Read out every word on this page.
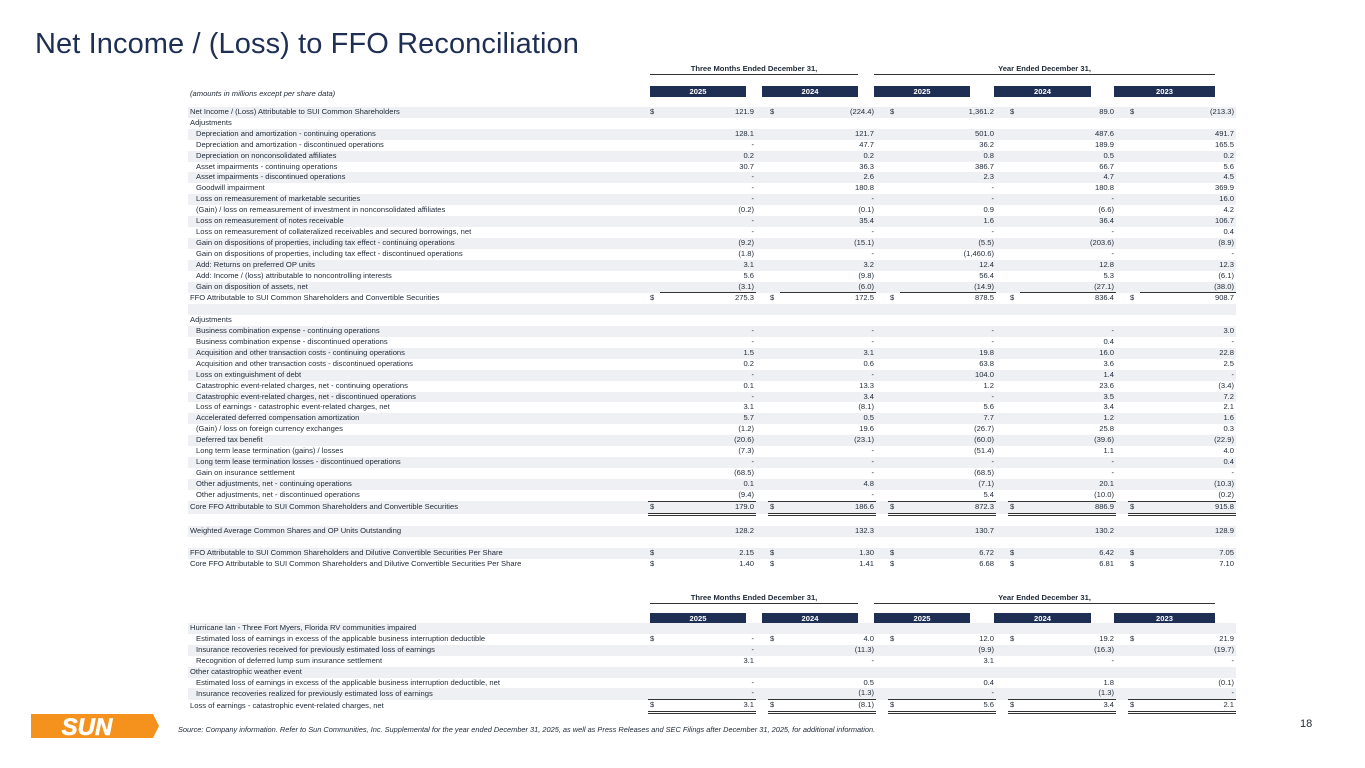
Net Income / (Loss) to FFO Reconciliation
Three Months Ended December 31,	Year Ended December 31,
(amounts in millions except per share data)	2025	2024	2025	2024	2023
Net Income / (Loss) Attributable to SUI Common Shareholders	$	121.9		$	(224.4)		$	1,361.2		$	89.0		$	(213.3)
Adjustments														
Depreciation and amortization - continuing operations		128.1			121.7			501.0			487.6			491.7
Depreciation and amortization - discontinued operations		-			47.7			36.2			189.9			165.5
Depreciation on nonconsolidated affiliates		0.2			0.2			0.8			0.5			0.2
Asset impairments - continuing operations		30.7			36.3			386.7			66.7			5.6
Asset impairments - discontinued operations		-			2.6			2.3			4.7			4.5
Goodwill impairment		-			180.8			-			180.8			369.9
Loss on remeasurement of marketable securities		-			-			-			-			16.0
(Gain) / loss on remeasurement of investment in nonconsolidated affiliates		(0.2)			(0.1)			0.9			(6.6)			4.2
Loss on remeasurement of notes receivable		-			35.4			1.6			36.4			106.7
Loss on remeasurement of collateralized receivables and secured borrowings, net		-			-			-			-			0.4
Gain on dispositions of properties, including tax effect - continuing operations		(9.2)			(15.1)			(5.5)			(203.6)			(8.9)
Gain on dispositions of properties, including tax effect - discontinued operations		(1.8)			-			(1,460.6)			-			-
Add: Returns on preferred OP units		3.1			3.2			12.4			12.8			12.3
Add: Income / (loss) attributable to noncontrolling interests		5.6			(9.8)			56.4			5.3			(6.1)
Gain on disposition of assets, net		(3.1)			(6.0)			(14.9)			(27.1)			(38.0)
FFO Attributable to SUI Common Shareholders and Convertible Securities	$	275.3		$	172.5		$	878.5		$	836.4		$	908.7

Adjustments														
Business combination expense - continuing operations		-			-			-			-			3.0
Business combination expense - discontinued operations		-			-			-			0.4			-
Acquisition and other transaction costs - continuing operations		1.5			3.1			19.8			16.0			22.8
Acquisition and other transaction costs - discontinued operations		0.2			0.6			63.8			3.6			2.5
Loss on extinguishment of debt		-			-			104.0			1.4			-
Catastrophic event-related charges, net - continuing operations		0.1			13.3			1.2			23.6			(3.4)
Catastrophic event-related charges, net - discontinued operations		-			3.4			-			3.5			7.2
Loss of earnings - catastrophic event-related charges, net		3.1			(8.1)			5.6			3.4			2.1
Accelerated deferred compensation amortization		5.7			0.5			7.7			1.2			1.6
(Gain) / loss on foreign currency exchanges		(1.2)			19.6			(26.7)			25.8			0.3
Deferred tax benefit		(20.6)			(23.1)			(60.0)			(39.6)			(22.9)
Long term lease termination (gains) / losses		(7.3)			-			(51.4)			1.1			4.0
Long term lease termination losses - discontinued operations		-			-			-			-			0.4
Gain on insurance settlement		(68.5)			-			(68.5)			-			-
Other adjustments, net - continuing operations		0.1			4.8			(7.1)			20.1			(10.3)
Other adjustments, net - discontinued operations		(9.4)			-			5.4			(10.0)			(0.2)
Core FFO Attributable to SUI Common Shareholders and Convertible Securities	$	179.0		$	186.6		$	872.3		$	886.9		$	915.8

Weighted Average Common Shares and OP Units Outstanding		128.2			132.3			130.7			130.2			128.9

FFO Attributable to SUI Common Shareholders and Dilutive Convertible Securities Per Share	$	2.15		$	1.30		$	6.72		$	6.42		$	7.05
Core FFO Attributable to SUI Common Shareholders and Dilutive Convertible Securities Per Share	$	1.40		$	1.41		$	6.68		$	6.81		$	7.10
Three Months Ended December 31,	Year Ended December 31,
2025	2024	2025	2024	2023
Hurricane Ian - Three Fort Myers, Florida RV communities impaired														
Estimated loss of earnings in excess of the applicable business interruption deductible	$	-		$	4.0		$	12.0		$	19.2		$	21.9
Insurance recoveries received for previously estimated loss of earnings		-			(11.3)			(9.9)			(16.3)			(19.7)
Recognition of deferred lump sum insurance settlement		3.1			-			3.1			-			-
Other catastrophic weather event														
Estimated loss of earnings in excess of the applicable business interruption deductible, net		-			0.5			0.4			1.8			(0.1)
Insurance recoveries realized for previously estimated loss of earnings		-			(1.3)			-			(1.3)			-
Loss of earnings - catastrophic event-related charges, net	$	3.1		$	(8.1)		$	5.6		$	3.4		$	2.1
SUN	Source: Company information. Refer to Sun Communities, Inc. Supplemental for the year ended December 31, 2025, as well as Press Releases and SEC Filings after December 31, 2025, for additional information.	18
